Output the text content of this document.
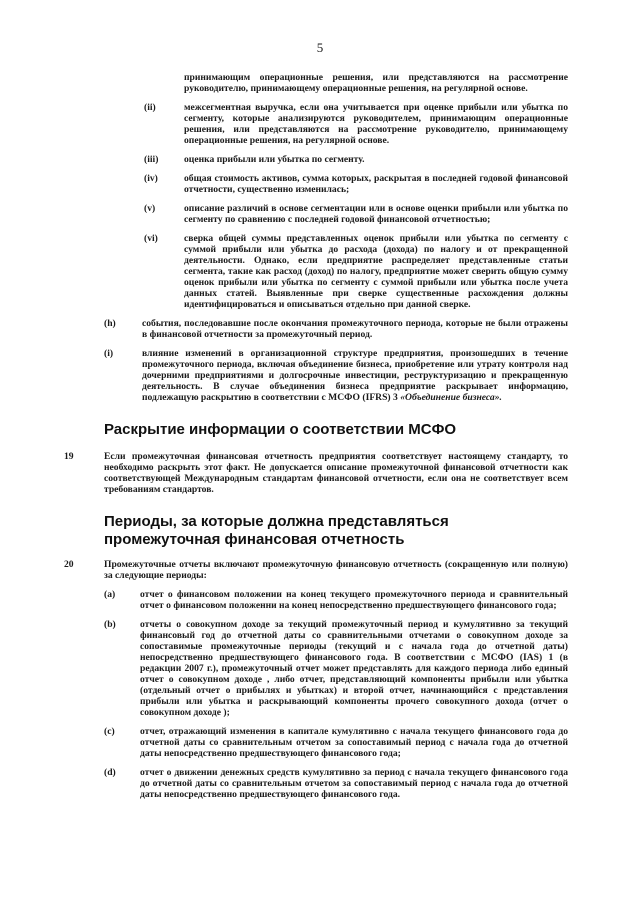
5
принимающим операционные решения, или представляются на рассмотрение руководителю, принимающему операционные решения, на регулярной основе.
(ii)	межсегментная выручка, если она учитывается при оценке прибыли или убытка по сегменту, которые анализируются руководителем, принимающим операционные решения, или представляются на рассмотрение руководителю, принимающему операционные решения, на регулярной основе.
(iii)	оценка прибыли или убытка по сегменту.
(iv)	общая стоимость активов, сумма которых, раскрытая в последней годовой финансовой отчетности, существенно изменилась;
(v)	описание различий в основе сегментации или в основе оценки прибыли или убытка по сегменту по сравнению с последней годовой финансовой отчетностью;
(vi)	сверка общей суммы представленных оценок прибыли или убытка по сегменту с суммой прибыли или убытка до расхода (дохода) по налогу и от прекращенной деятельности. Однако, если предприятие распределяет представленные статьи сегмента, такие как расход (доход) по налогу, предприятие может сверить общую сумму оценок прибыли или убытка по сегменту с суммой прибыли или убытка после учета данных статей. Выявленные при сверке существенные расхождения должны идентифицироваться и описываться отдельно при данной сверке.
(h)	события, последовавшие после окончания промежуточного периода, которые не были отражены в финансовой отчетности за промежуточный период.
(i)	влияние изменений в организационной структуре предприятия, произошедших в течение промежуточного периода, включая объединение бизнеса, приобретение или утрату контроля над дочерними предприятиями и долгосрочные инвестиции, реструктуризацию и прекращенную деятельность. В случае объединения бизнеса предприятие раскрывает информацию, подлежащую раскрытию в соответствии с МСФО (IFRS) 3 «Объединение бизнеса».
Раскрытие информации о соответствии МСФО
19	Если промежуточная финансовая отчетность предприятия соответствует настоящему стандарту, то необходимо раскрыть этот факт. Не допускается описание промежуточной финансовой отчетности как соответствующей Международным стандартам финансовой отчетности, если она не соответствует всем требованиям стандартов.
Периоды, за которые должна представляться промежуточная финансовая отчетность
20	Промежуточные отчеты включают промежуточную финансовую отчетность (сокращенную или полную) за следующие периоды:
(a)	отчет о финансовом положении на конец текущего промежуточного периода и сравнительный отчет о финансовом положенни на конец непосредственно предшествующего финансового года;
(b)	отчеты о совокупном доходе за текущий промежуточный период и кумулятивно за текущий финансовый год до отчетной даты со сравнительными отчетами о совокупном доходе за сопоставимые промежуточные периоды (текущий и с начала года до отчетной даты) непосредственно предшествующего финансового года. В соответствии с МСФО (IAS) 1 (в редакции 2007 г.), промежуточный отчет может представлять для каждого периода либо единый отчет о совокупном доходе , либо отчет, представляющий компоненты прибыли или убытка (отдельный отчет о прибылях и убытках) и второй отчет, начинающийся с представления прибыли или убытка и раскрывающий компоненты прочего совокупного дохода (отчет о совокупном доходе );
(c)	отчет, отражающий изменения в капитале кумулятивно с начала текущего финансового года до отчетной даты со сравнительным отчетом за сопоставимый период с начала года до отчетной даты непосредственно предшествующего финансового года;
(d)	отчет о движении денежных средств кумулятивно за период с начала текущего финансового года до отчетной даты со сравнительным отчетом за сопоставимый период с начала года до отчетной даты непосредственно предшествующего финансового года.
